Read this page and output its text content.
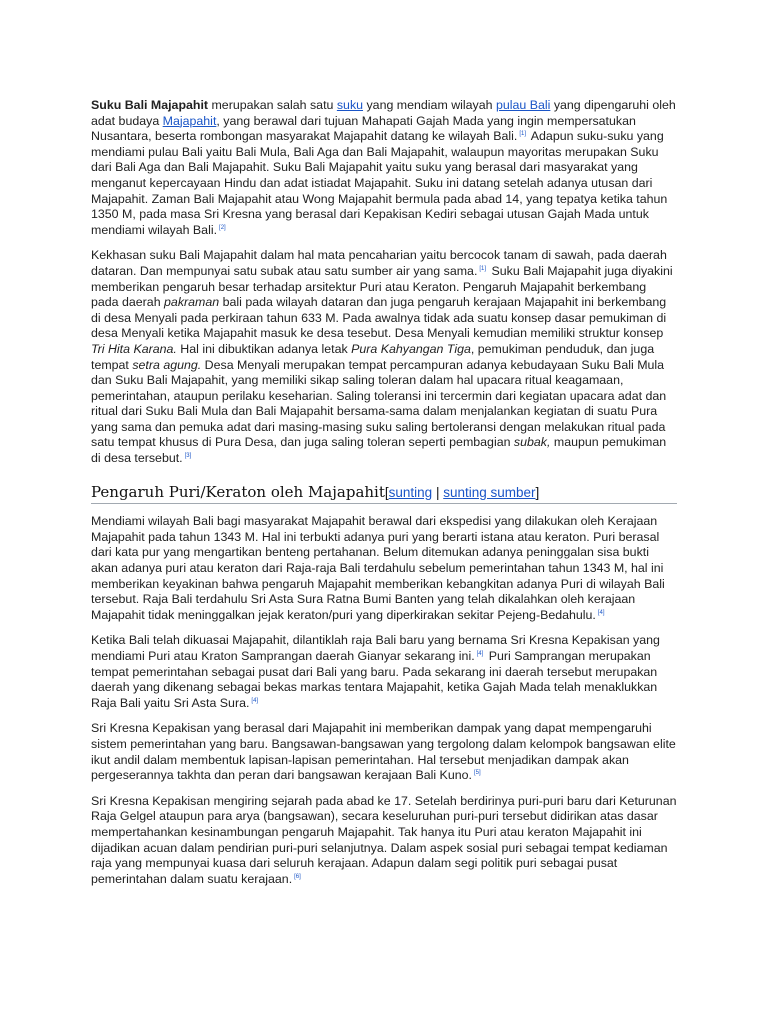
Suku Bali Majapahit merupakan salah satu suku yang mendiam wilayah pulau Bali yang dipengaruhi oleh adat budaya Majapahit, yang berawal dari tujuan Mahapati Gajah Mada yang ingin mempersatukan Nusantara, beserta rombongan masyarakat Majapahit datang ke wilayah Bali. [1] Adapun suku-suku yang mendiami pulau Bali yaitu Bali Mula, Bali Aga dan Bali Majapahit, walaupun mayoritas merupakan Suku dari Bali Aga dan Bali Majapahit. Suku Bali Majapahit yaitu suku yang berasal dari masyarakat yang menganut kepercayaan Hindu dan adat istiadat Majapahit. Suku ini datang setelah adanya utusan dari Majapahit. Zaman Bali Majapahit atau Wong Majapahit bermula pada abad 14, yang tepatya ketika tahun 1350 M, pada masa Sri Kresna yang berasal dari Kepakisan Kediri sebagai utusan Gajah Mada untuk mendiami wilayah Bali. [2]

Kekhasan suku Bali Majapahit dalam hal mata pencaharian yaitu bercocok tanam di sawah, pada daerah dataran. Dan mempunyai satu subak atau satu sumber air yang sama. [1] Suku Bali Majapahit juga diyakini memberikan pengaruh besar terhadap arsitektur Puri atau Keraton. Pengaruh Majapahit berkembang pada daerah pakraman bali pada wilayah dataran dan juga pengaruh kerajaan Majapahit ini berkembang di desa Menyali pada perkiraan tahun 633 M. Pada awalnya tidak ada suatu konsep dasar pemukiman di desa Menyali ketika Majapahit masuk ke desa tesebut. Desa Menyali kemudian memiliki struktur konsep Tri Hita Karana. Hal ini dibuktikan adanya letak Pura Kahyangan Tiga, pemukiman penduduk, dan juga tempat setra agung. Desa Menyali merupakan tempat percampuran adanya kebudayaan Suku Bali Mula dan Suku Bali Majapahit, yang memiliki sikap saling toleran dalam hal upacara ritual keagamaan, pemerintahan, ataupun perilaku keseharian. Saling toleransi ini tercermin dari kegiatan upacara adat dan ritual dari Suku Bali Mula dan Bali Majapahit bersama-sama dalam menjalankan kegiatan di suatu Pura yang sama dan pemuka adat dari masing-masing suku saling bertoleransi dengan melakukan ritual pada satu tempat khusus di Pura Desa, dan juga saling toleran seperti pembagian subak, maupun pemukiman di desa tersebut. [3]

Pengaruh Puri/Keraton oleh Majapahit[sunting | sunting sumber]

Mendiami wilayah Bali bagi masyarakat Majapahit berawal dari ekspedisi yang dilakukan oleh Kerajaan Majapahit pada tahun 1343 M. Hal ini terbukti adanya puri yang berarti istana atau keraton. Puri berasal dari kata pur yang mengartikan benteng pertahanan. Belum ditemukan adanya peninggalan sisa bukti akan adanya puri atau keraton dari Raja-raja Bali terdahulu sebelum pemerintahan tahun 1343 M, hal ini memberikan keyakinan bahwa pengaruh Majapahit memberikan kebangkitan adanya Puri di wilayah Bali tersebut. Raja Bali terdahulu Sri Asta Sura Ratna Bumi Banten yang telah dikalahkan oleh kerajaan Majapahit tidak meninggalkan jejak keraton/puri yang diperkirakan sekitar Pejeng-Bedahulu. [4]

Ketika Bali telah dikuasai Majapahit, dilantiklah raja Bali baru yang bernama Sri Kresna Kepakisan yang mendiami Puri atau Kraton Samprangan daerah Gianyar sekarang ini. [4] Puri Samprangan merupakan tempat pemerintahan sebagai pusat dari Bali yang baru. Pada sekarang ini daerah tersebut merupakan daerah yang dikenang sebagai bekas markas tentara Majapahit, ketika Gajah Mada telah menaklukkan Raja Bali yaitu Sri Asta Sura. [4]

Sri Kresna Kepakisan yang berasal dari Majapahit ini memberikan dampak yang dapat mempengaruhi sistem pemerintahan yang baru. Bangsawan-bangsawan yang tergolong dalam kelompok bangsawan elite ikut andil dalam membentuk lapisan-lapisan pemerintahan. Hal tersebut menjadikan dampak akan pergeserannya takhta dan peran dari bangsawan kerajaan Bali Kuno. [5]

Sri Kresna Kepakisan mengiring sejarah pada abad ke 17. Setelah berdirinya puri-puri baru dari Keturunan Raja Gelgel ataupun para arya (bangsawan), secara keseluruhan puri-puri tersebut didirikan atas dasar mempertahankan kesinambungan pengaruh Majapahit. Tak hanya itu Puri atau keraton Majapahit ini dijadikan acuan dalam pendirian puri-puri selanjutnya. Dalam aspek sosial puri sebagai tempat kediaman raja yang mempunyai kuasa dari seluruh kerajaan. Adapun dalam segi politik puri sebagai pusat pemerintahan dalam suatu kerajaan. [6]
